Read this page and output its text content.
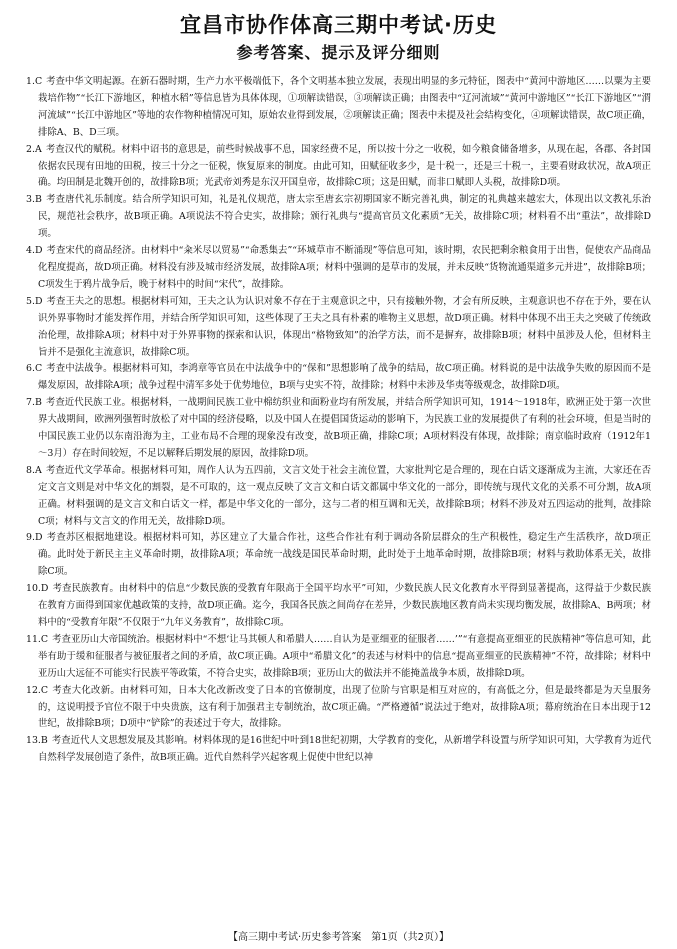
宜昌市协作体高三期中考试·历史
参考答案、提示及评分细则

1.C 考查中华文明起源。在新石器时期，生产力水平极端低下，各个文明基本独立发展，表现出明显的多元特征，图表中“黄河中游地区……以粟为主要栽培作物”“长江下游地区，种植水稻”等信息皆为具体体现，①项解读错误，③项解读正确；由图表中“辽河流域”“黄河中游地区”“长江下游地区”“渭河流域”“长江中游地区”等地的农作物种植情况可知，原始农业得到发展，②项解读正确；图表中未提及社会结构变化，④项解读错误，故C项正确，排除A、B、D三项。

2.A 考查汉代的赋税。材料中诏书的意思是，前些时候战事不息，国家经费不足，所以按十分之一收税，如今粮食储备增多，从现在起，各郡、各封国依据农民现有田地的田税，按三十分之一征税，恢复原来的制度。由此可知，田赋征收多少，是十税一，还是三十税一，主要看财政状况，故A项正确。均田制是北魏开创的，故排除B项；光武帝刘秀是东汉开国皇帝，故排除C项；这是田赋，而非口赋即人头税，故排除D项。

3.B 考查唐代礼乐制度。结合所学知识可知，礼是礼仪规范，唐太宗至唐玄宗初期国家不断完善礼典，制定的礼典越来越宏大，体现出以文教礼乐治民，规范社会秩序，故B项正确。A项说法不符合史实，故排除；颁行礼典与“提高官员文化素质”无关，故排除C项；材料看不出“重法”，故排除D项。

4.D 考查宋代的商品经济。由材料中“籴米尽以贸易”“命悉集去”“环城草市不断涌现”等信息可知，该时期，农民把剩余粮食用于出售，促使农产品商品化程度提高，故D项正确。材料没有涉及城市经济发展，故排除A项；材料中强调的是草市的发展，并未反映“货物流通渠道多元并进”，故排除B项；C项发生于鸦片战争后，晚于材料中的时间“宋代”，故排除。

5.D 考查王夫之的思想。根据材料可知，王夫之认为认识对象不存在于主观意识之中，只有接触外物，才会有所反映，主观意识也不存在于外，要在认识外界事物时才能发挥作用，并结合所学知识可知，这些体现了王夫之具有朴素的唯物主义思想，故D项正确。材料中体现不出王夫之突破了传统政治伦理，故排除A项；材料中对于外界事物的探索和认识，体现出“格物致知”的治学方法，而不是摒弃，故排除B项；材料中虽涉及人伦，但材料主旨并不是强化主流意识，故排除C项。

6.C 考查中法战争。根据材料可知，李鸿章等官员在中法战争中的“保和”思想影响了战争的结局，故C项正确。材料说的是中法战争失败的原因而不是爆发原因，故排除A项；战争过程中清军多处于优势地位，B项与史实不符，故排除；材料中未涉及华夷等级观念，故排除D项。

7.B 考查近代民族工业。根据材料，一战期间民族工业中棉纺织业和面粉业均有所发展，并结合所学知识可知，1914～1918年，欧洲正处于第一次世界大战期间，欧洲列强暂时放松了对中国的经济侵略，以及中国人在提倡国货运动的影响下，为民族工业的发展提供了有利的社会环境，但是当时的中国民族工业仍以东南沿海为主，工业布局不合理的现象没有改变，故B项正确，排除C项；A项材料没有体现，故排除；南京临时政府（1912年1～3月）存在时间较短，不足以解释后期发展的原因，故排除D项。

8.A 考查近代文学革命。根据材料可知，周作人认为五四前，文言文处于社会主流位置，大家批判它是合理的，现在白话文逐渐成为主流，大家还在否定文言文则是对中华文化的割裂，是不可取的，这一观点反映了文言文和白话文都属中华文化的一部分，即传统与现代文化的关系不可分割，故A项正确。材料强调的是文言文和白话文一样，都是中华文化的一部分，这与二者的相互调和无关，故排除B项；材料不涉及对五四运动的批判，故排除C项；材料与文言文的作用无关，故排除D项。

9.D 考查苏区根据地建设。根据材料可知，苏区建立了大量合作社，这些合作社有利于调动各阶层群众的生产积极性，稳定生产生活秩序，故D项正确。此时处于新民主主义革命时期，故排除A项；革命统一战线是国民革命时期，此时处于土地革命时期，故排除B项；材料与救助体系无关，故排除C项。

10.D 考查民族教育。由材料中的信息“少数民族的受教育年限高于全国平均水平”可知，少数民族人民文化教育水平得到显著提高，这得益于少数民族在教育方面得到国家优越政策的支持，故D项正确。迄今，我国各民族之间尚存在差异，少数民族地区教育尚未实现均衡发展，故排除A、B两项；材料中的“受教育年限”不仅限于“九年义务教育”，故排除C项。

11.C 考查亚历山大帝国统治。根据材料中“不想‘让马其顿人和希腊人……自认为是亚细亚的征服者……’”“有意提高亚细亚的民族精神”等信息可知，此举有助于缓和征服者与被征服者之间的矛盾，故C项正确。A项中“希腊文化”的表述与材料中的信息“提高亚细亚的民族精神”不符，故排除；材料中亚历山大远征不可能实行民族平等政策，不符合史实，故排除B项；亚历山大的做法并不能掩盖战争本质，故排除D项。

12.C 考查大化改新。由材料可知，日本大化改新改变了日本的官僚制度，出现了位阶与官职是相互对应的，有高低之分，但是最终都是为天皇服务的，这说明授予官位不限于中央贵族，这有利于加强君主专制统治，故C项正确。“严格遵循”说法过于绝对，故排除A项；幕府统治在日本出现于12世纪，故排除B项；D项中“铲除”的表述过于夸大，故排除。

13.B 考查近代人文思想发展及其影响。材料体现的是16世纪中叶到18世纪初期，大学教育的变化，从新增学科设置与所学知识可知，大学教育为近代自然科学发展创造了条件，故B项正确。近代自然科学兴起客观上促使中世纪以神

【高三期中考试·历史参考答案　第1页（共2页）】
